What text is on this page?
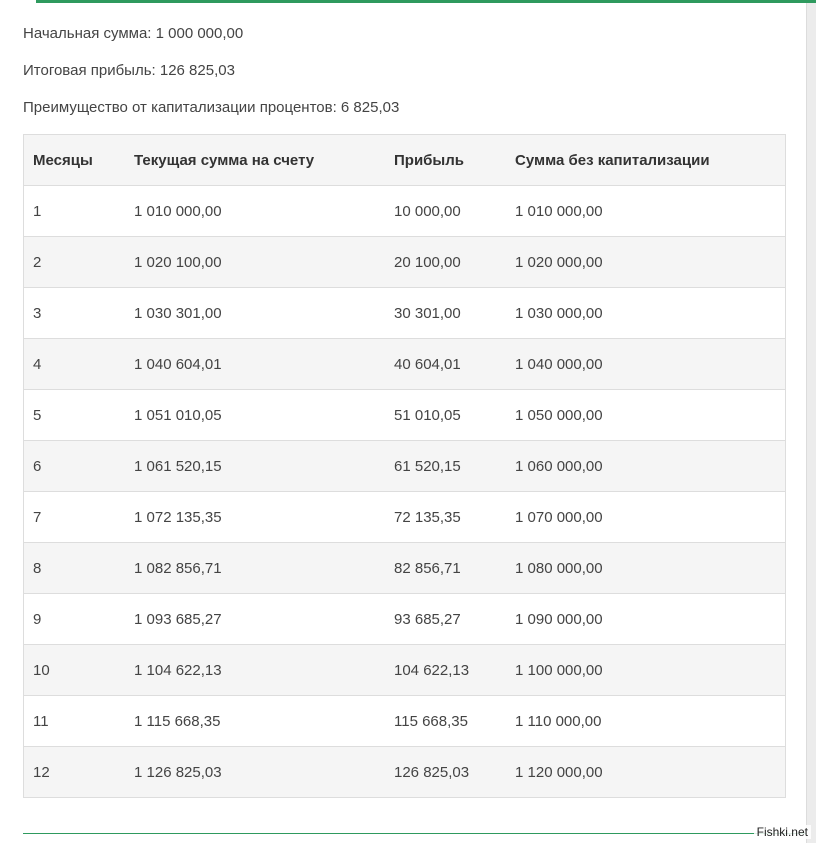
Начальная сумма: 1 000 000,00
Итоговая прибыль: 126 825,03
Преимущество от капитализации процентов: 6 825,03
Месяцы	Текущая сумма на счету	Прибыль	Сумма без капитализации
1	1 010 000,00	10 000,00	1 010 000,00
2	1 020 100,00	20 100,00	1 020 000,00
3	1 030 301,00	30 301,00	1 030 000,00
4	1 040 604,01	40 604,01	1 040 000,00
5	1 051 010,05	51 010,05	1 050 000,00
6	1 061 520,15	61 520,15	1 060 000,00
7	1 072 135,35	72 135,35	1 070 000,00
8	1 082 856,71	82 856,71	1 080 000,00
9	1 093 685,27	93 685,27	1 090 000,00
10	1 104 622,13	104 622,13	1 100 000,00
11	1 115 668,35	115 668,35	1 110 000,00
12	1 126 825,03	126 825,03	1 120 000,00
Fishki.net
